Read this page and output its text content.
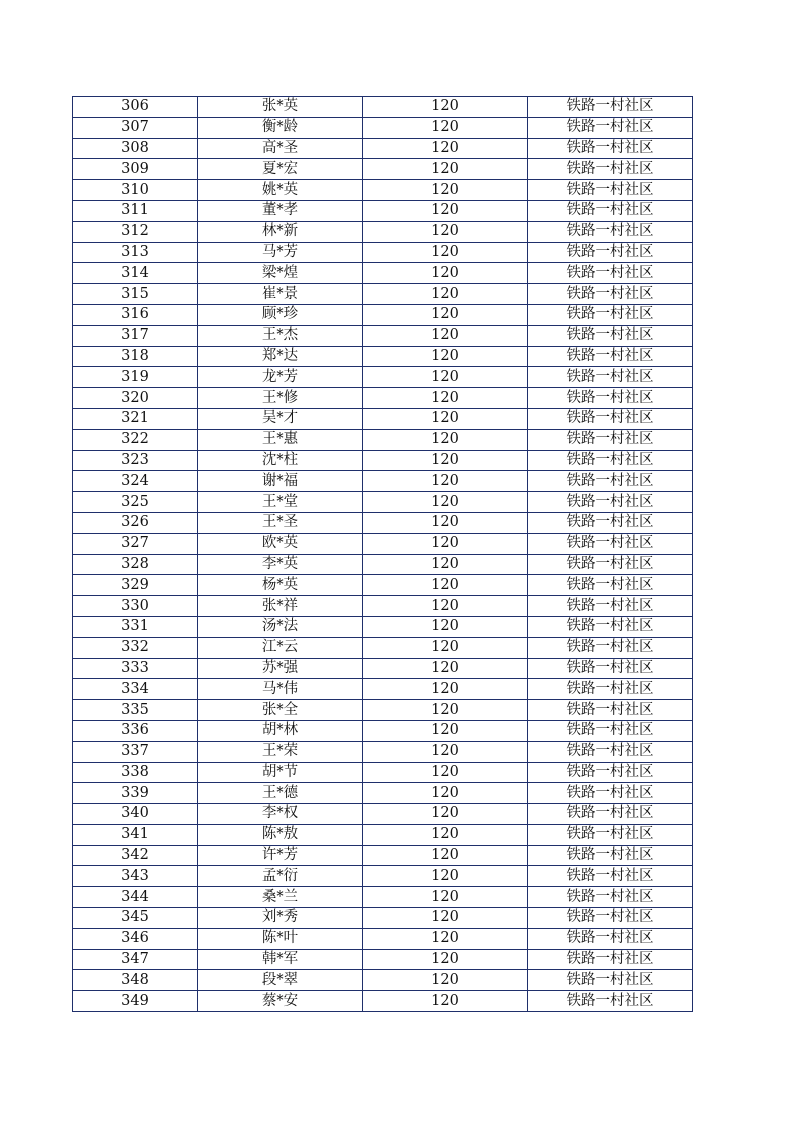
306	张*英	120	铁路一村社区
307	衡*龄	120	铁路一村社区
308	高*圣	120	铁路一村社区
309	夏*宏	120	铁路一村社区
310	姚*英	120	铁路一村社区
311	董*孝	120	铁路一村社区
312	林*新	120	铁路一村社区
313	马*芳	120	铁路一村社区
314	梁*煌	120	铁路一村社区
315	崔*景	120	铁路一村社区
316	顾*珍	120	铁路一村社区
317	王*杰	120	铁路一村社区
318	郑*达	120	铁路一村社区
319	龙*芳	120	铁路一村社区
320	王*修	120	铁路一村社区
321	吴*才	120	铁路一村社区
322	王*惠	120	铁路一村社区
323	沈*柱	120	铁路一村社区
324	谢*福	120	铁路一村社区
325	王*堂	120	铁路一村社区
326	王*圣	120	铁路一村社区
327	欧*英	120	铁路一村社区
328	李*英	120	铁路一村社区
329	杨*英	120	铁路一村社区
330	张*祥	120	铁路一村社区
331	汤*法	120	铁路一村社区
332	江*云	120	铁路一村社区
333	苏*强	120	铁路一村社区
334	马*伟	120	铁路一村社区
335	张*全	120	铁路一村社区
336	胡*林	120	铁路一村社区
337	王*荣	120	铁路一村社区
338	胡*节	120	铁路一村社区
339	王*德	120	铁路一村社区
340	李*权	120	铁路一村社区
341	陈*敖	120	铁路一村社区
342	许*芳	120	铁路一村社区
343	孟*衍	120	铁路一村社区
344	桑*兰	120	铁路一村社区
345	刘*秀	120	铁路一村社区
346	陈*叶	120	铁路一村社区
347	韩*军	120	铁路一村社区
348	段*翠	120	铁路一村社区
349	蔡*安	120	铁路一村社区
